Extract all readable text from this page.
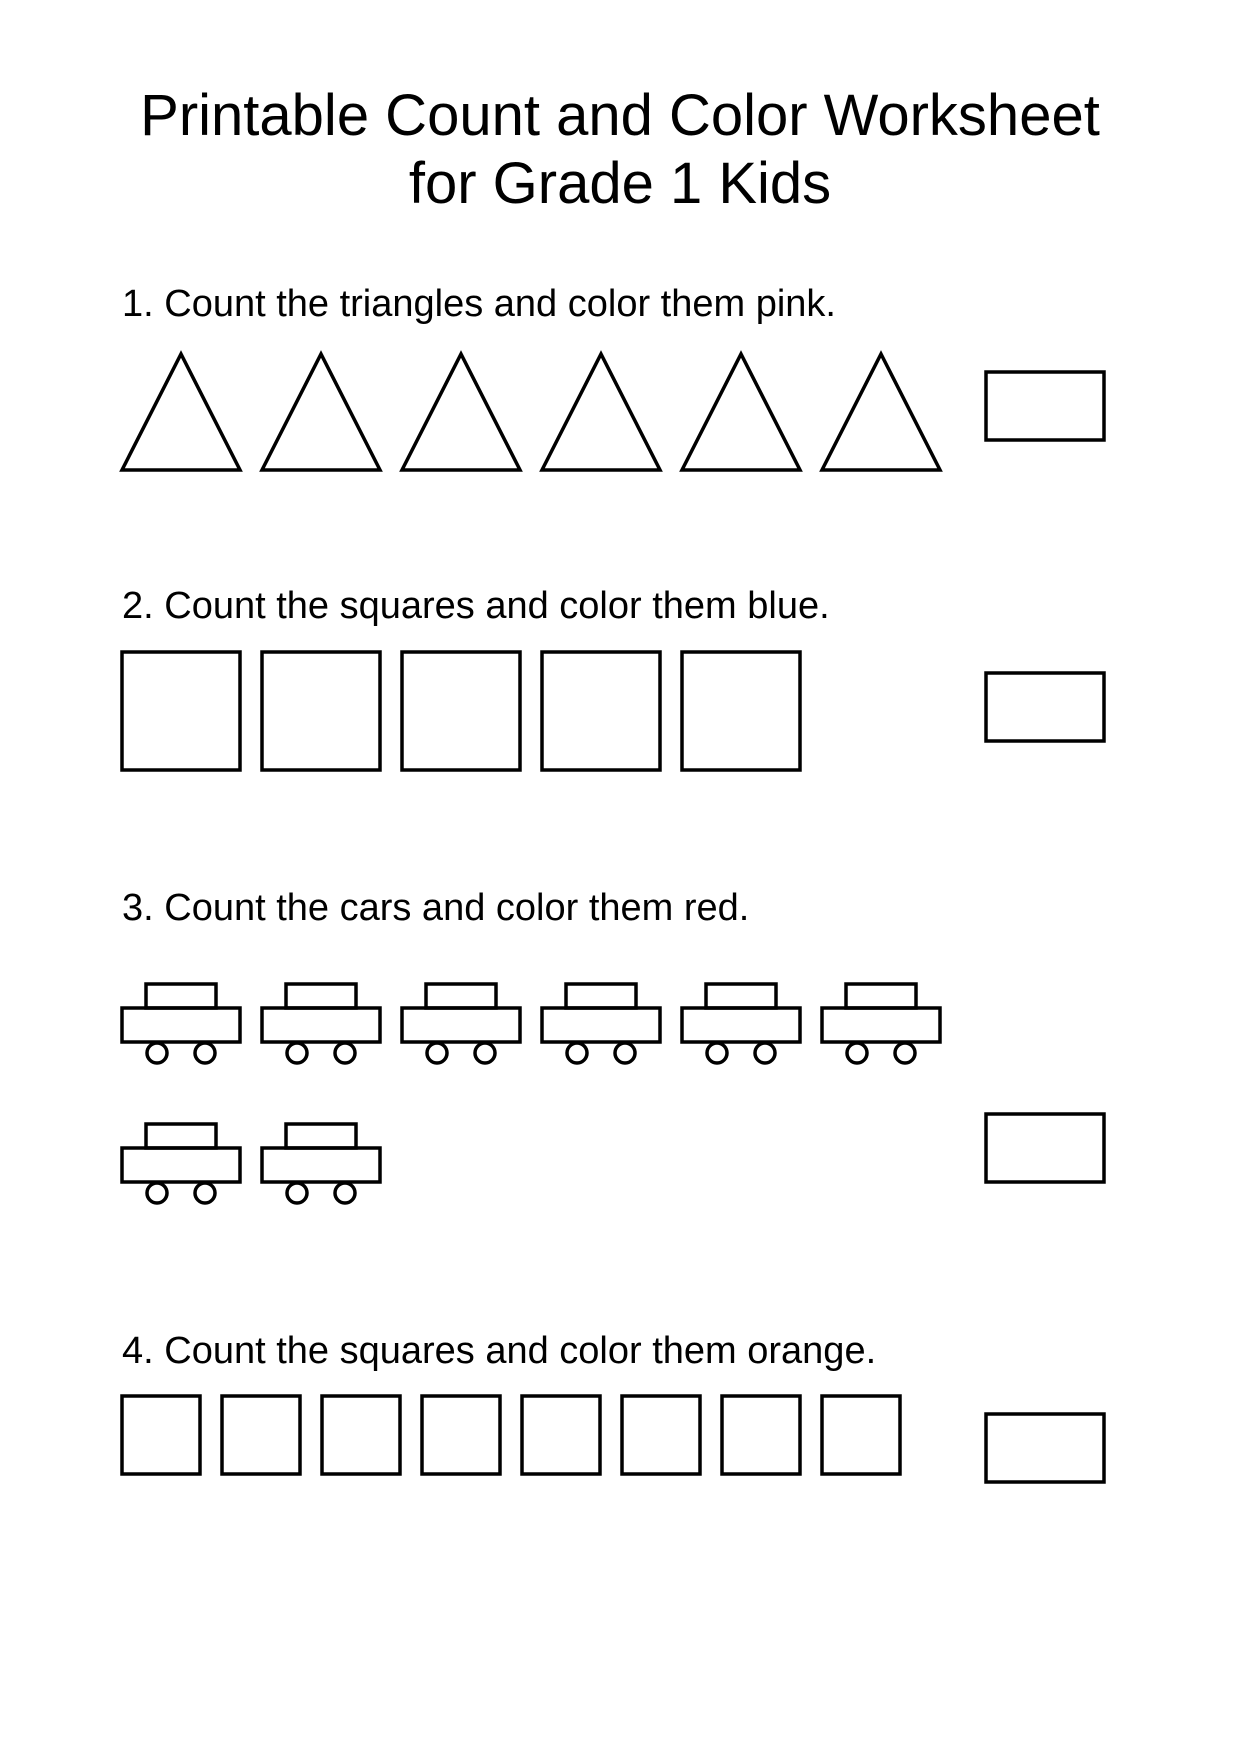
Printable Count and Color Worksheet
for Grade 1 Kids

1. Count the triangles and color them pink.

2. Count the squares and color them blue.

3. Count the cars and color them red.

4. Count the squares and color them orange.
